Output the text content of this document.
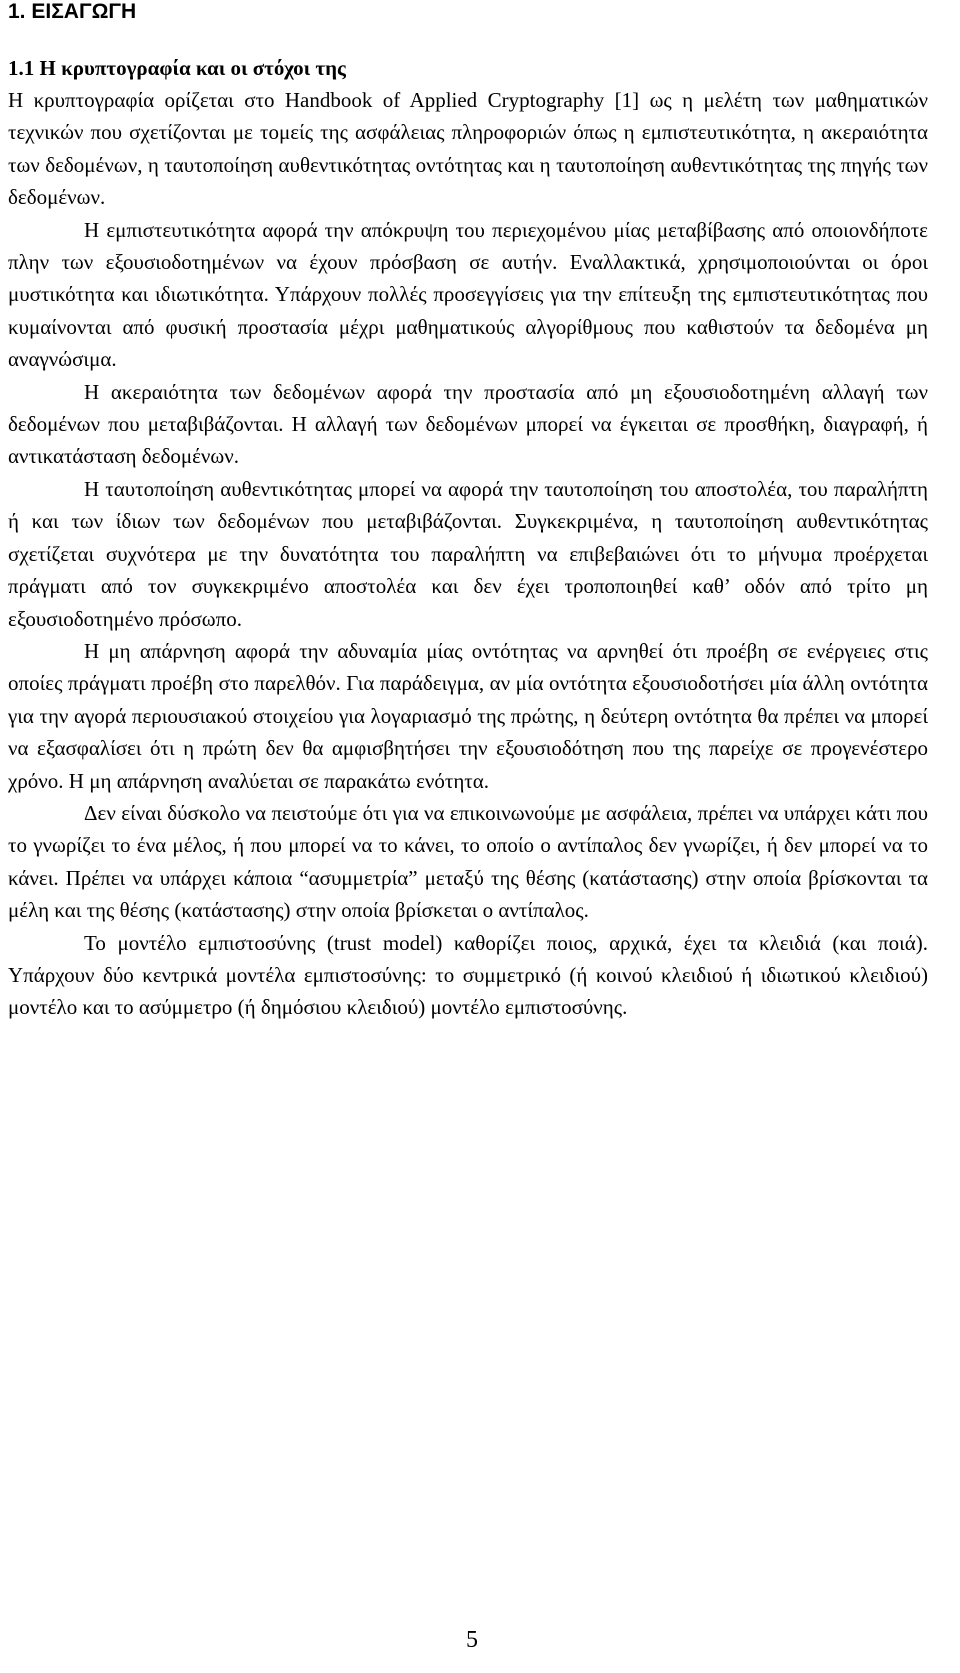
1. ΕΙΣΑΓΩΓΗ
1.1 Η κρυπτογραφία και οι στόχοι της

Η κρυπτογραφία ορίζεται στο Handbook of Applied Cryptography [1] ως η μελέτη των μαθηματικών τεχνικών που σχετίζονται με τομείς της ασφάλειας πληροφοριών όπως η εμπιστευτικότητα, η ακεραιότητα των δεδομένων, η ταυτοποίηση αυθεντικότητας οντότητας και η ταυτοποίηση αυθεντικότητας της πηγής των δεδομένων.

Η εμπιστευτικότητα αφορά την απόκρυψη του περιεχομένου μίας μεταβίβασης από οποιονδήποτε πλην των εξουσιοδοτημένων να έχουν πρόσβαση σε αυτήν. Εναλλακτικά, χρησιμοποιούνται οι όροι μυστικότητα και ιδιωτικότητα. Υπάρχουν πολλές προσεγγίσεις για την επίτευξη της εμπιστευτικότητας που κυμαίνονται από φυσική προστασία μέχρι μαθηματικούς αλγορίθμους που καθιστούν τα δεδομένα μη αναγνώσιμα.

Η ακεραιότητα των δεδομένων αφορά την προστασία από μη εξουσιοδοτημένη αλλαγή των δεδομένων που μεταβιβάζονται. Η αλλαγή των δεδομένων μπορεί να έγκειται σε προσθήκη, διαγραφή, ή αντικατάσταση δεδομένων.

Η ταυτοποίηση αυθεντικότητας μπορεί να αφορά την ταυτοποίηση του αποστολέα, του παραλήπτη ή και των ίδιων των δεδομένων που μεταβιβάζονται. Συγκεκριμένα, η ταυτοποίηση αυθεντικότητας σχετίζεται συχνότερα με την δυνατότητα του παραλήπτη να επιβεβαιώνει ότι το μήνυμα προέρχεται πράγματι από τον συγκεκριμένο αποστολέα και δεν έχει τροποποιηθεί καθ’ οδόν από τρίτο μη εξουσιοδοτημένο πρόσωπο.

Η μη απάρνηση αφορά την αδυναμία μίας οντότητας να αρνηθεί ότι προέβη σε ενέργειες στις οποίες πράγματι προέβη στο παρελθόν. Για παράδειγμα, αν μία οντότητα εξουσιοδοτήσει μία άλλη οντότητα για την αγορά περιουσιακού στοιχείου για λογαριασμό της πρώτης, η δεύτερη οντότητα θα πρέπει να μπορεί να εξασφαλίσει ότι η πρώτη δεν θα αμφισβητήσει την εξουσιοδότηση που της παρείχε σε προγενέστερο χρόνο. Η μη απάρνηση αναλύεται σε παρακάτω ενότητα.

Δεν είναι δύσκολο να πειστούμε ότι για να επικοινωνούμε με ασφάλεια, πρέπει να υπάρχει κάτι που το γνωρίζει το ένα μέλος, ή που μπορεί να το κάνει, το οποίο ο αντίπαλος δεν γνωρίζει, ή δεν μπορεί να το κάνει. Πρέπει να υπάρχει κάποια “ασυμμετρία” μεταξύ της θέσης (κατάστασης) στην οποία βρίσκονται τα μέλη και της θέσης (κατάστασης) στην οποία βρίσκεται ο αντίπαλος.

Το μοντέλο εμπιστοσύνης (trust model) καθορίζει ποιος, αρχικά, έχει τα κλειδιά (και ποιά). Υπάρχουν δύο κεντρικά μοντέλα εμπιστοσύνης: το συμμετρικό (ή κοινού κλειδιού ή ιδιωτικού κλειδιού) μοντέλο και το ασύμμετρο (ή δημόσιου κλειδιού) μοντέλο εμπιστοσύνης.

5
